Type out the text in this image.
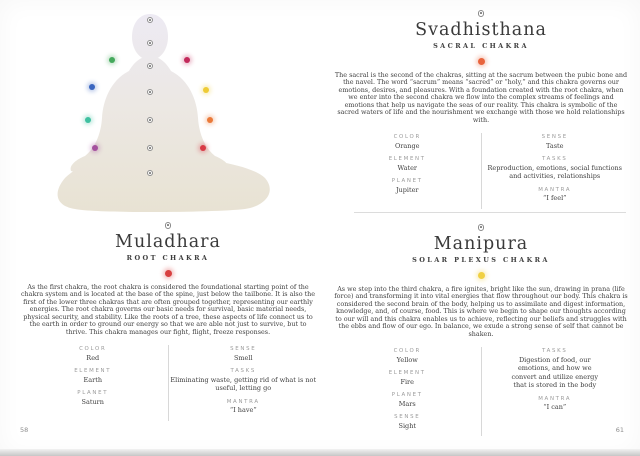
Muladhara
ROOT CHAKRA

As the first chakra, the root chakra is considered the foundational starting point of the chakra system and is located at the base of the spine, just below the tailbone. It is also the first of the lower three chakras that are often grouped together, representing our earthly energies. The root chakra governs our basic needs for survival, basic material needs, physical security, and stability. Like the roots of a tree, these aspects of life connect us to the earth in order to ground our energy so that we are able not just to survive, but to thrive. This chakra manages our fight, flight, freeze responses.

COLOR
Red
ELEMENT
Earth
PLANET
Saturn
SENSE
Smell
TASKS
Eliminating waste, getting rid of what is not useful, letting go
MANTRA
“I have”
58
Svadhisthana
SACRAL CHAKRA

The sacral is the second of the chakras, sitting at the sacrum between the pubic bone and the navel. The word “sacrum” means “sacred” or “holy,” and this chakra governs our emotions, desires, and pleasures. With a foundation created with the root chakra, when we enter into the second chakra we flow into the complex streams of feelings and emotions that help us navigate the seas of our reality. This chakra is symbolic of the sacred waters of life and the nourishment we exchange with those we hold relationships with.

COLOR
Orange
ELEMENT
Water
PLANET
Jupiter
SENSE
Taste
TASKS
Reproduction, emotions, social functions and activities, relationships
MANTRA
“I feel”
Manipura
SOLAR PLEXUS CHAKRA

As we step into the third chakra, a fire ignites, bright like the sun, drawing in prana (life force) and transforming it into vital energies that flow throughout our body. This chakra is considered the second brain of the body, helping us to assimilate and digest information, knowledge, and, of course, food. This is where we begin to shape our thoughts according to our will and this chakra enables us to achieve, reflecting our beliefs and struggles with the ebbs and flow of our ego. In balance, we exude a strong sense of self that cannot be shaken.

COLOR
Yellow
ELEMENT
Fire
PLANET
Mars
SENSE
Sight
TASKS
Digestion of food, our emotions, and how we convert and utilize energy that is stored in the body
MANTRA
“I can”
61
